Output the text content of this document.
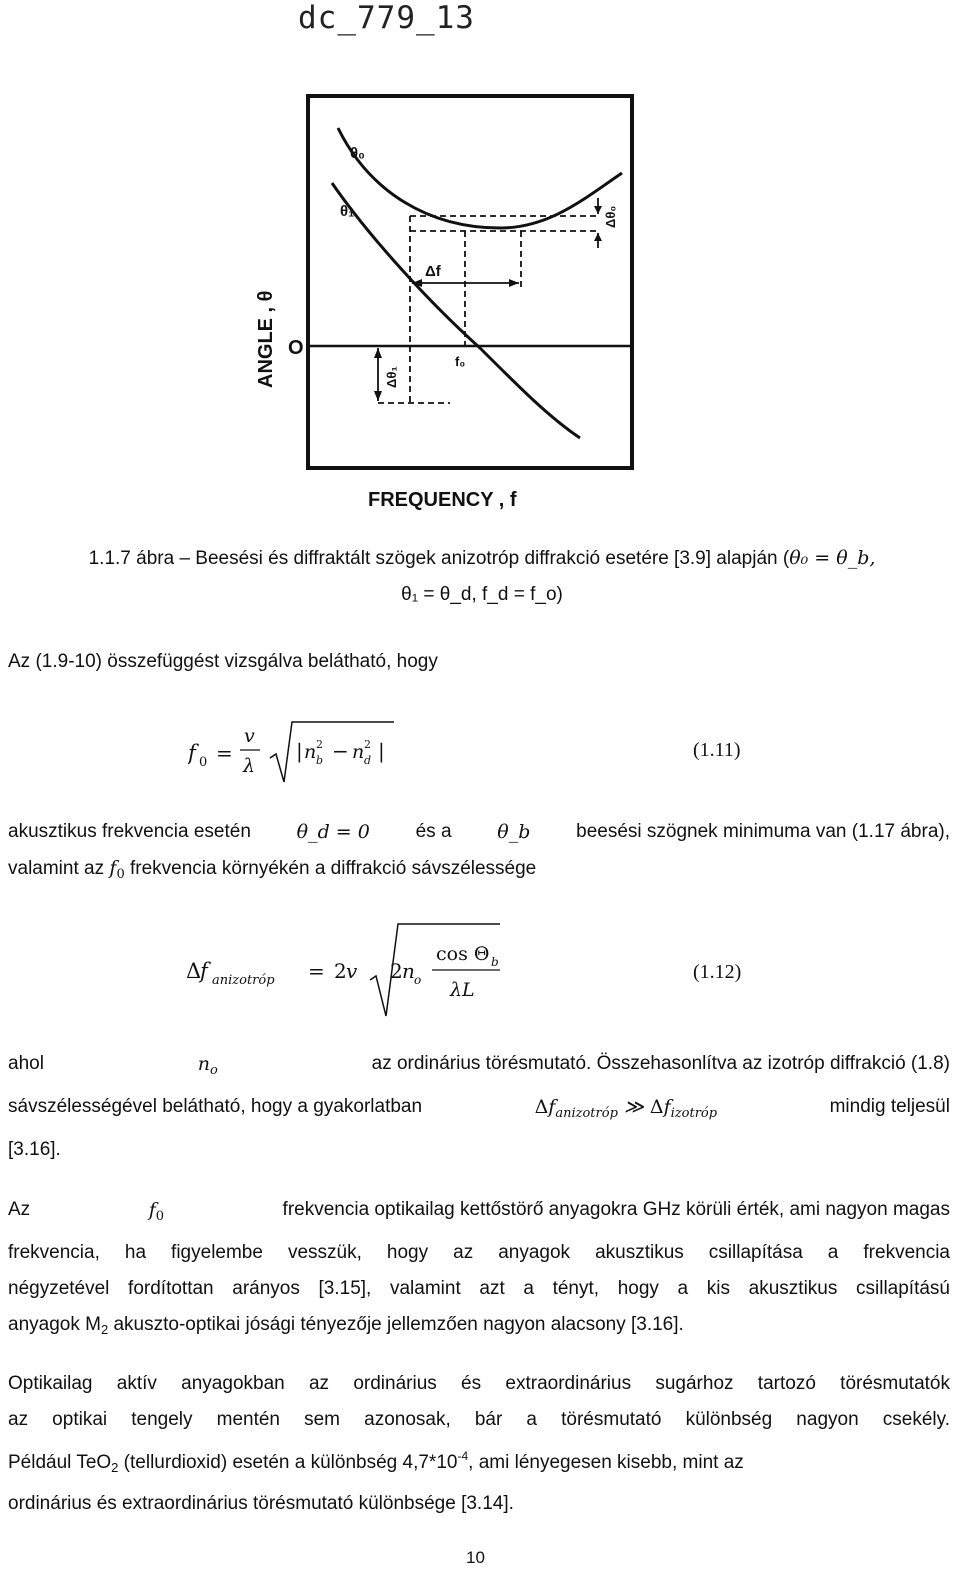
dc_779_13
θ₀
θ₁
O
Δf
f₀
Δθ₀
Δθ₁
ANGLE , θ
FREQUENCY , f
1.1.7 ábra – Beesési és diffraktált szögek anizotróp diffrakció esetére [3.9] alapján (θ₀ = θ_b,
θ₁ = θ_d, f_d = f_o)
Az (1.9-10) összefüggést vizsgálva belátható, hogy
f 0 =
v
λ
| n 2
b − n 2
d |	(1.11)
akusztikus frekvencia esetén θ_d = 0 és a θ_b beesési szögnek minimuma van (1.17 ábra),
valamint az $f_0$ frekvencia környékén a diffrakció sávszélessége
Δ
f anizotróp = 2 v 2 n o
cos Θ b
λL
(1.12)
ahol	$n_o$	az ordinárius törésmutató. Összehasonlítva az izotróp diffrakció (1.8)
sávszélességével belátható, hogy a gyakorlatban	$\Delta f_{anizotróp}$ ≫ $\Delta f_{izotróp}$	mindig teljesül
[3.16].
Az	$f_0$	frekvencia optikailag kettőstörő anyagokra GHz körüli érték, ami nagyon magas
frekvencia, ha figyelembe vesszük, hogy az anyagok akusztikus csillapítása a frekvencia
négyzetével fordítottan arányos [3.15], valamint azt a tényt, hogy a kis akusztikus csillapítású
anyagok $M_2$ akuszto-optikai jósági tényezője jellemzően nagyon alacsony [3.16].
Optikailag aktív anyagokban az ordinárius és extraordinárius sugárhoz tartozó törésmutatók
az optikai tengely mentén sem azonosak, bár a törésmutató különbség nagyon csekély.
Például TeO$_2$ (tellurdioxid) esetén a különbség $4,7*10^{-4}$, ami lényegesen kisebb, mint az
ordinárius és extraordinárius törésmutató különbsége [3.14].
10
